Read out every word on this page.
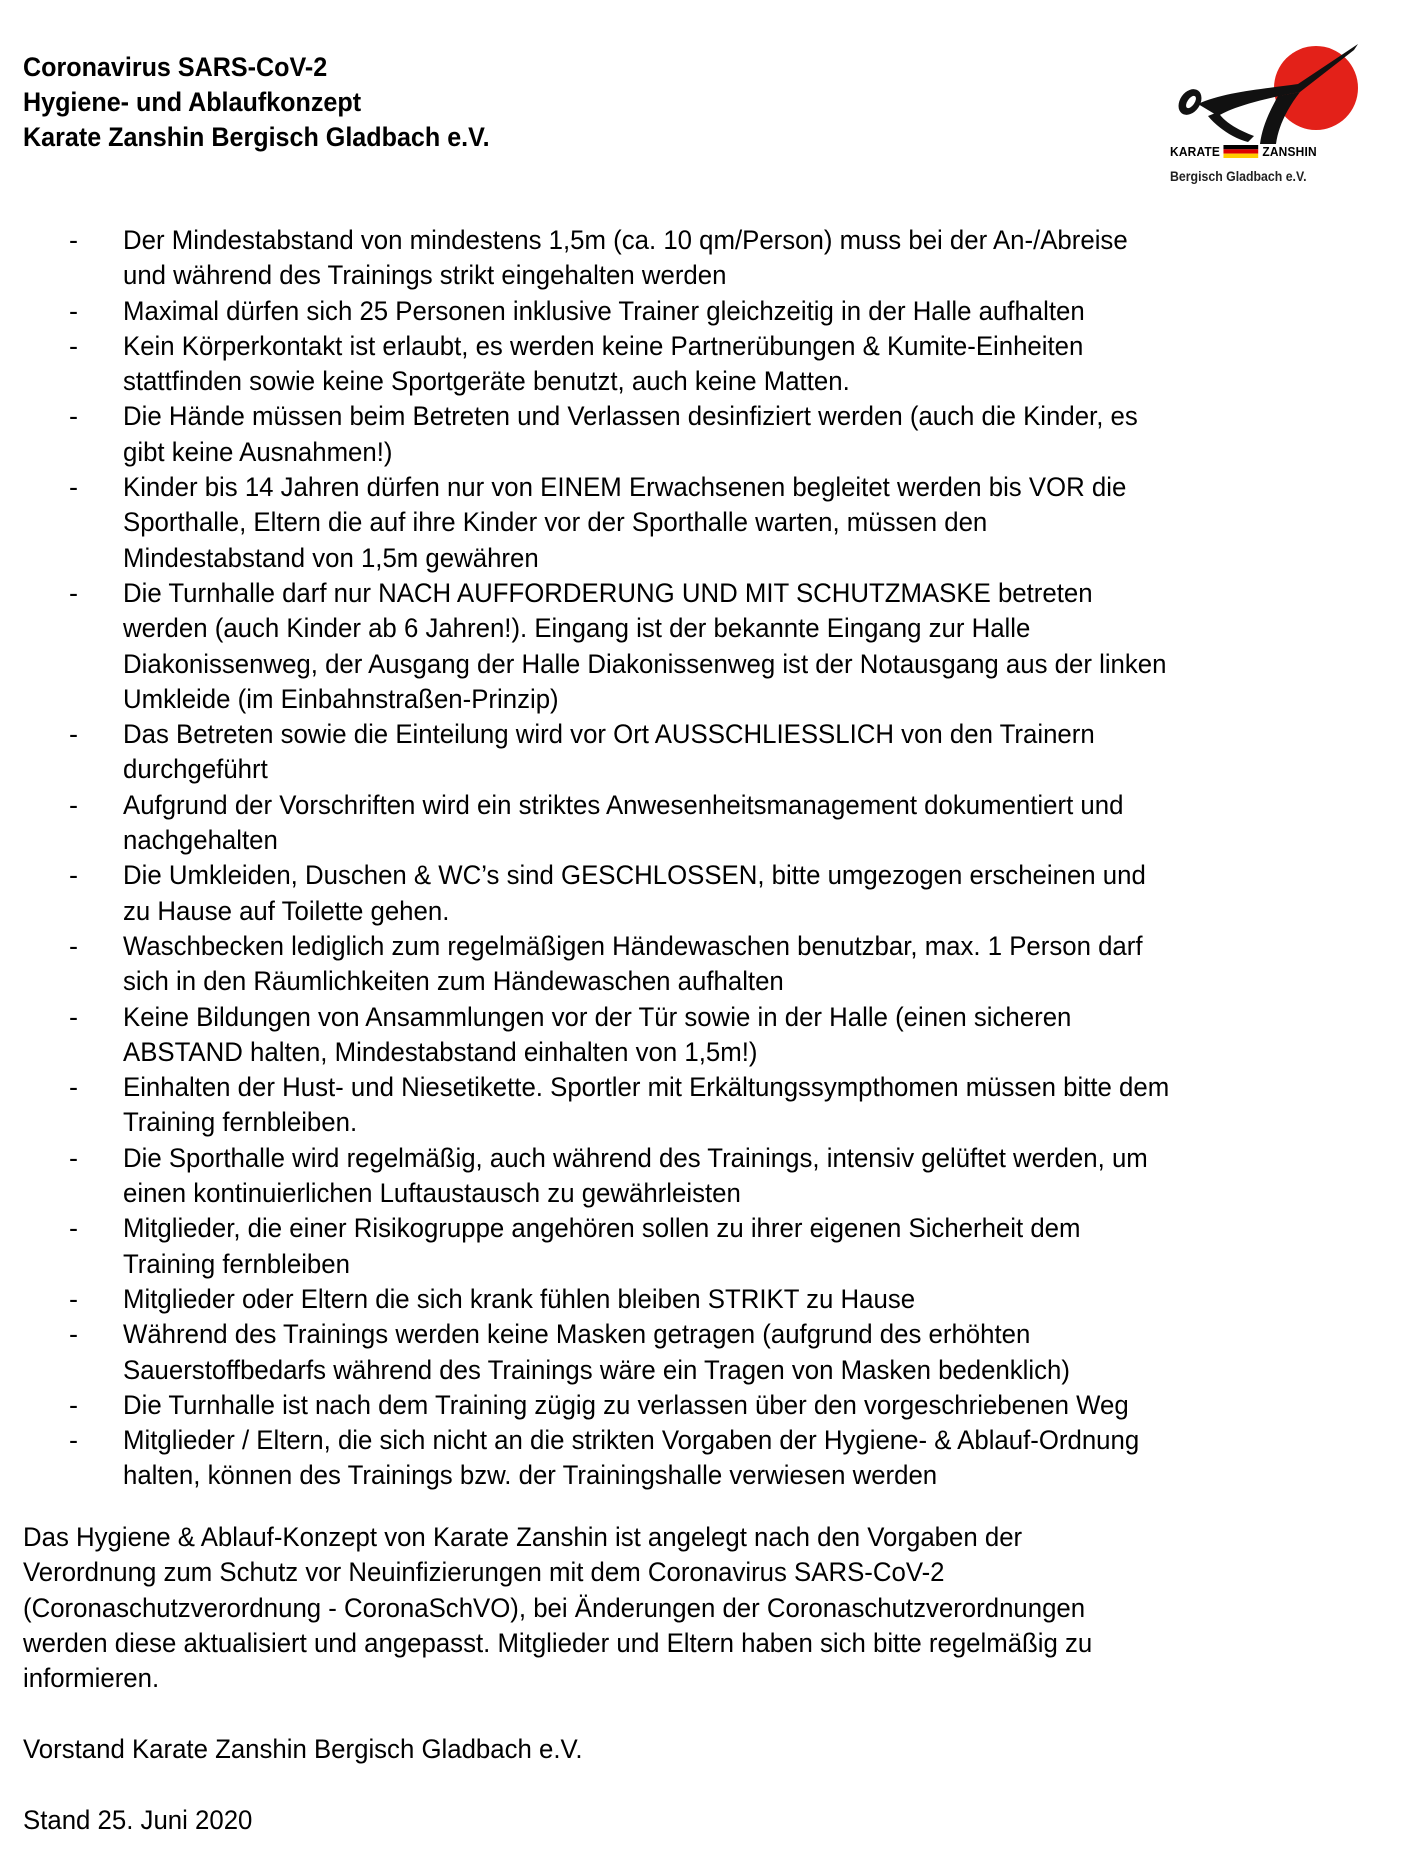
Coronavirus SARS-CoV-2
Hygiene- und Ablaufkonzept
Karate Zanshin Bergisch Gladbach e.V.	KARATE	ZANSHIN
Bergisch Gladbach e.V.
- Der Mindestabstand von mindestens 1,5m (ca. 10 qm/Person) muss bei der An-/Abreise
und während des Trainings strikt eingehalten werden
- Maximal dürfen sich 25 Personen inklusive Trainer gleichzeitig in der Halle aufhalten
- Kein Körperkontakt ist erlaubt, es werden keine Partnerübungen & Kumite-Einheiten
stattfinden sowie keine Sportgeräte benutzt, auch keine Matten.
- Die Hände müssen beim Betreten und Verlassen desinfiziert werden (auch die Kinder, es
gibt keine Ausnahmen!)
- Kinder bis 14 Jahren dürfen nur von EINEM Erwachsenen begleitet werden bis VOR die
Sporthalle, Eltern die auf ihre Kinder vor der Sporthalle warten, müssen den
Mindestabstand von 1,5m gewähren
- Die Turnhalle darf nur NACH AUFFORDERUNG UND MIT SCHUTZMASKE betreten
werden (auch Kinder ab 6 Jahren!). Eingang ist der bekannte Eingang zur Halle
Diakonissenweg, der Ausgang der Halle Diakonissenweg ist der Notausgang aus der linken
Umkleide (im Einbahnstraßen-Prinzip)
- Das Betreten sowie die Einteilung wird vor Ort AUSSCHLIESSLICH von den Trainern
durchgeführt
- Aufgrund der Vorschriften wird ein striktes Anwesenheitsmanagement dokumentiert und
nachgehalten
- Die Umkleiden, Duschen & WC’s sind GESCHLOSSEN, bitte umgezogen erscheinen und
zu Hause auf Toilette gehen.
- Waschbecken lediglich zum regelmäßigen Händewaschen benutzbar, max. 1 Person darf
sich in den Räumlichkeiten zum Händewaschen aufhalten
- Keine Bildungen von Ansammlungen vor der Tür sowie in der Halle (einen sicheren
ABSTAND halten, Mindestabstand einhalten von 1,5m!)
- Einhalten der Hust- und Niesetikette. Sportler mit Erkältungssympthomen müssen bitte dem
Training fernbleiben.
- Die Sporthalle wird regelmäßig, auch während des Trainings, intensiv gelüftet werden, um
einen kontinuierlichen Luftaustausch zu gewährleisten
- Mitglieder, die einer Risikogruppe angehören sollen zu ihrer eigenen Sicherheit dem
Training fernbleiben
- Mitglieder oder Eltern die sich krank fühlen bleiben STRIKT zu Hause
- Während des Trainings werden keine Masken getragen (aufgrund des erhöhten
Sauerstoffbedarfs während des Trainings wäre ein Tragen von Masken bedenklich)
- Die Turnhalle ist nach dem Training zügig zu verlassen über den vorgeschriebenen Weg
- Mitglieder / Eltern, die sich nicht an die strikten Vorgaben der Hygiene- & Ablauf-Ordnung
halten, können des Trainings bzw. der Trainingshalle verwiesen werden
Das Hygiene & Ablauf-Konzept von Karate Zanshin ist angelegt nach den Vorgaben der
Verordnung zum Schutz vor Neuinfizierungen mit dem Coronavirus SARS-CoV-2
(Coronaschutzverordnung - CoronaSchVO), bei Änderungen der Coronaschutzverordnungen
werden diese aktualisiert und angepasst. Mitglieder und Eltern haben sich bitte regelmäßig zu
informieren.
Vorstand Karate Zanshin Bergisch Gladbach e.V.
Stand 25. Juni 2020
